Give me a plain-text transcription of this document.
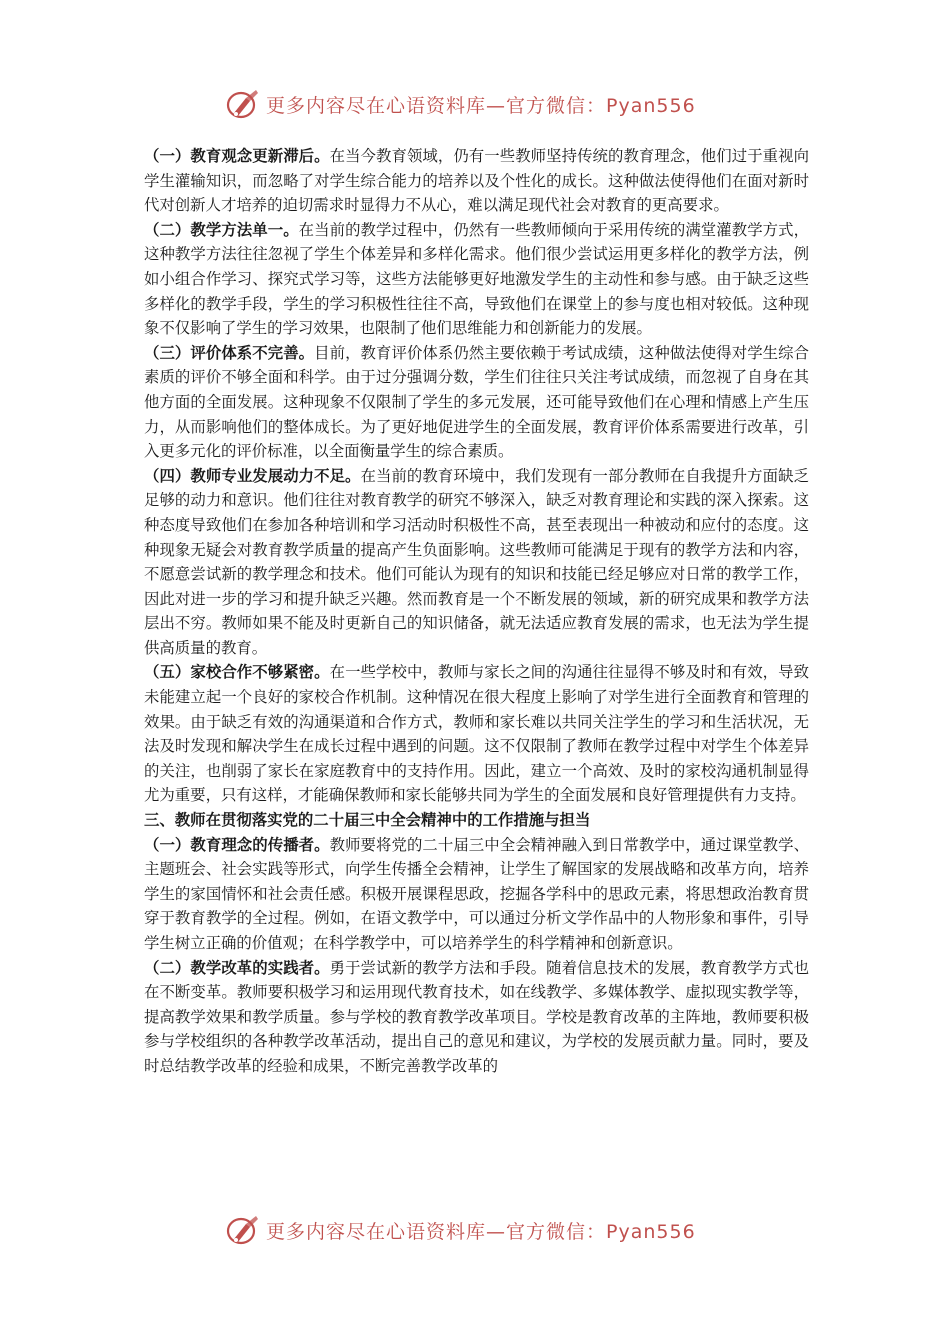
更多内容尽在心语资料库—官方微信：Pyan556

（一）教育观念更新滞后。在当今教育领域，仍有一些教师坚持传统的教育理念，他们过于重视向学生灌输知识，而忽略了对学生综合能力的培养以及个性化的成长。这种做法使得他们在面对新时代对创新人才培养的迫切需求时显得力不从心，难以满足现代社会对教育的更高要求。

（二）教学方法单一。在当前的教学过程中，仍然有一些教师倾向于采用传统的满堂灌教学方式，这种教学方法往往忽视了学生个体差异和多样化需求。他们很少尝试运用更多样化的教学方法，例如小组合作学习、探究式学习等，这些方法能够更好地激发学生的主动性和参与感。由于缺乏这些多样化的教学手段，学生的学习积极性往往不高，导致他们在课堂上的参与度也相对较低。这种现象不仅影响了学生的学习效果，也限制了他们思维能力和创新能力的发展。

（三）评价体系不完善。目前，教育评价体系仍然主要依赖于考试成绩，这种做法使得对学生综合素质的评价不够全面和科学。由于过分强调分数，学生们往往只关注考试成绩，而忽视了自身在其他方面的全面发展。这种现象不仅限制了学生的多元发展，还可能导致他们在心理和情感上产生压力，从而影响他们的整体成长。为了更好地促进学生的全面发展，教育评价体系需要进行改革，引入更多元化的评价标准，以全面衡量学生的综合素质。

（四）教师专业发展动力不足。在当前的教育环境中，我们发现有一部分教师在自我提升方面缺乏足够的动力和意识。他们往往对教育教学的研究不够深入，缺乏对教育理论和实践的深入探索。这种态度导致他们在参加各种培训和学习活动时积极性不高，甚至表现出一种被动和应付的态度。这种现象无疑会对教育教学质量的提高产生负面影响。这些教师可能满足于现有的教学方法和内容，不愿意尝试新的教学理念和技术。他们可能认为现有的知识和技能已经足够应对日常的教学工作，因此对进一步的学习和提升缺乏兴趣。然而教育是一个不断发展的领域，新的研究成果和教学方法层出不穷。教师如果不能及时更新自己的知识储备，就无法适应教育发展的需求，也无法为学生提供高质量的教育。

（五）家校合作不够紧密。在一些学校中，教师与家长之间的沟通往往显得不够及时和有效，导致未能建立起一个良好的家校合作机制。这种情况在很大程度上影响了对学生进行全面教育和管理的效果。由于缺乏有效的沟通渠道和合作方式，教师和家长难以共同关注学生的学习和生活状况，无法及时发现和解决学生在成长过程中遇到的问题。这不仅限制了教师在教学过程中对学生个体差异的关注，也削弱了家长在家庭教育中的支持作用。因此，建立一个高效、及时的家校沟通机制显得尤为重要，只有这样，才能确保教师和家长能够共同为学生的全面发展和良好管理提供有力支持。

三、教师在贯彻落实党的二十届三中全会精神中的工作措施与担当

（一）教育理念的传播者。教师要将党的二十届三中全会精神融入到日常教学中，通过课堂教学、主题班会、社会实践等形式，向学生传播全会精神，让学生了解国家的发展战略和改革方向，培养学生的家国情怀和社会责任感。积极开展课程思政，挖掘各学科中的思政元素，将思想政治教育贯穿于教育教学的全过程。例如，在语文教学中，可以通过分析文学作品中的人物形象和事件，引导学生树立正确的价值观；在科学教学中，可以培养学生的科学精神和创新意识。

（二）教学改革的实践者。勇于尝试新的教学方法和手段。随着信息技术的发展，教育教学方式也在不断变革。教师要积极学习和运用现代教育技术，如在线教学、多媒体教学、虚拟现实教学等，提高教学效果和教学质量。参与学校的教育教学改革项目。学校是教育改革的主阵地，教师要积极参与学校组织的各种教学改革活动，提出自己的意见和建议，为学校的发展贡献力量。同时，要及时总结教学改革的经验和成果，不断完善教学改革的

更多内容尽在心语资料库—官方微信：Pyan556
